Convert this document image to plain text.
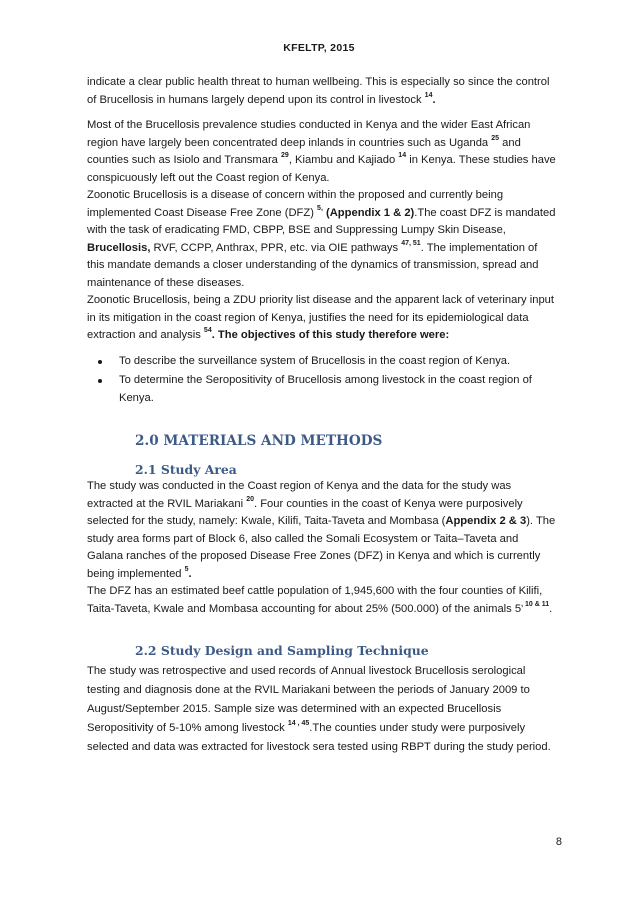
KFELTP, 2015

indicate a clear public health threat to human wellbeing. This is especially so since the control of Brucellosis in humans largely depend upon its control in livestock $^{14}$.

Most of the Brucellosis prevalence studies conducted in Kenya and the wider East African region have largely been concentrated deep inlands in countries such as Uganda $^{25}$ and counties such as Isiolo and Transmara $^{29}$, Kiambu and Kajiado $^{14}$ in Kenya. These studies have conspicuously left out the Coast region of Kenya.

Zoonotic Brucellosis is a disease of concern within the proposed and currently being implemented Coast Disease Free Zone (DFZ) $^{5,}$ (Appendix 1 & 2).The coast DFZ is mandated with the task of eradicating FMD, CBPP, BSE and Suppressing Lumpy Skin Disease, Brucellosis, RVF, CCPP, Anthrax, PPR, etc. via OIE pathways $^{47, 51}$. The implementation of this mandate demands a closer understanding of the dynamics of transmission, spread and maintenance of these diseases.

Zoonotic Brucellosis, being a ZDU priority list disease and the apparent lack of veterinary input in its mitigation in the coast region of Kenya, justifies the need for its epidemiological data extraction and analysis $^{54}$. The objectives of this study therefore were:

To describe the surveillance system of Brucellosis in the coast region of Kenya.
To determine the Seropositivity of Brucellosis among livestock in the coast region of Kenya.
2.0 MATERIALS AND METHODS
2.1 Study Area

The study was conducted in the Coast region of Kenya and the data for the study was extracted at the RVIL Mariakani $^{20}$. Four counties in the coast of Kenya were purposively selected for the study, namely: Kwale, Kilifi, Taita-Taveta and Mombasa (Appendix 2 & 3). The study area forms part of Block 6, also called the Somali Ecosystem or Taita–Taveta and Galana ranches of the proposed Disease Free Zones (DFZ) in Kenya and which is currently being implemented $^5$.

The DFZ has an estimated beef cattle population of 1,945,600 with the four counties of Kilifi, Taita-Taveta, Kwale and Mombasa accounting for about 25% (500.000) of the animals $5^{, 10 \& 11}$.

2.2 Study Design and Sampling Technique

The study was retrospective and used records of Annual livestock Brucellosis serological testing and diagnosis done at the RVIL Mariakani between the periods of January 2009 to August/September 2015. Sample size was determined with an expected Brucellosis Seropositivity of 5-10% among livestock $^{14 , 45}$.The counties under study were purposively selected and data was extracted for livestock sera tested using RBPT during the study period.

8
